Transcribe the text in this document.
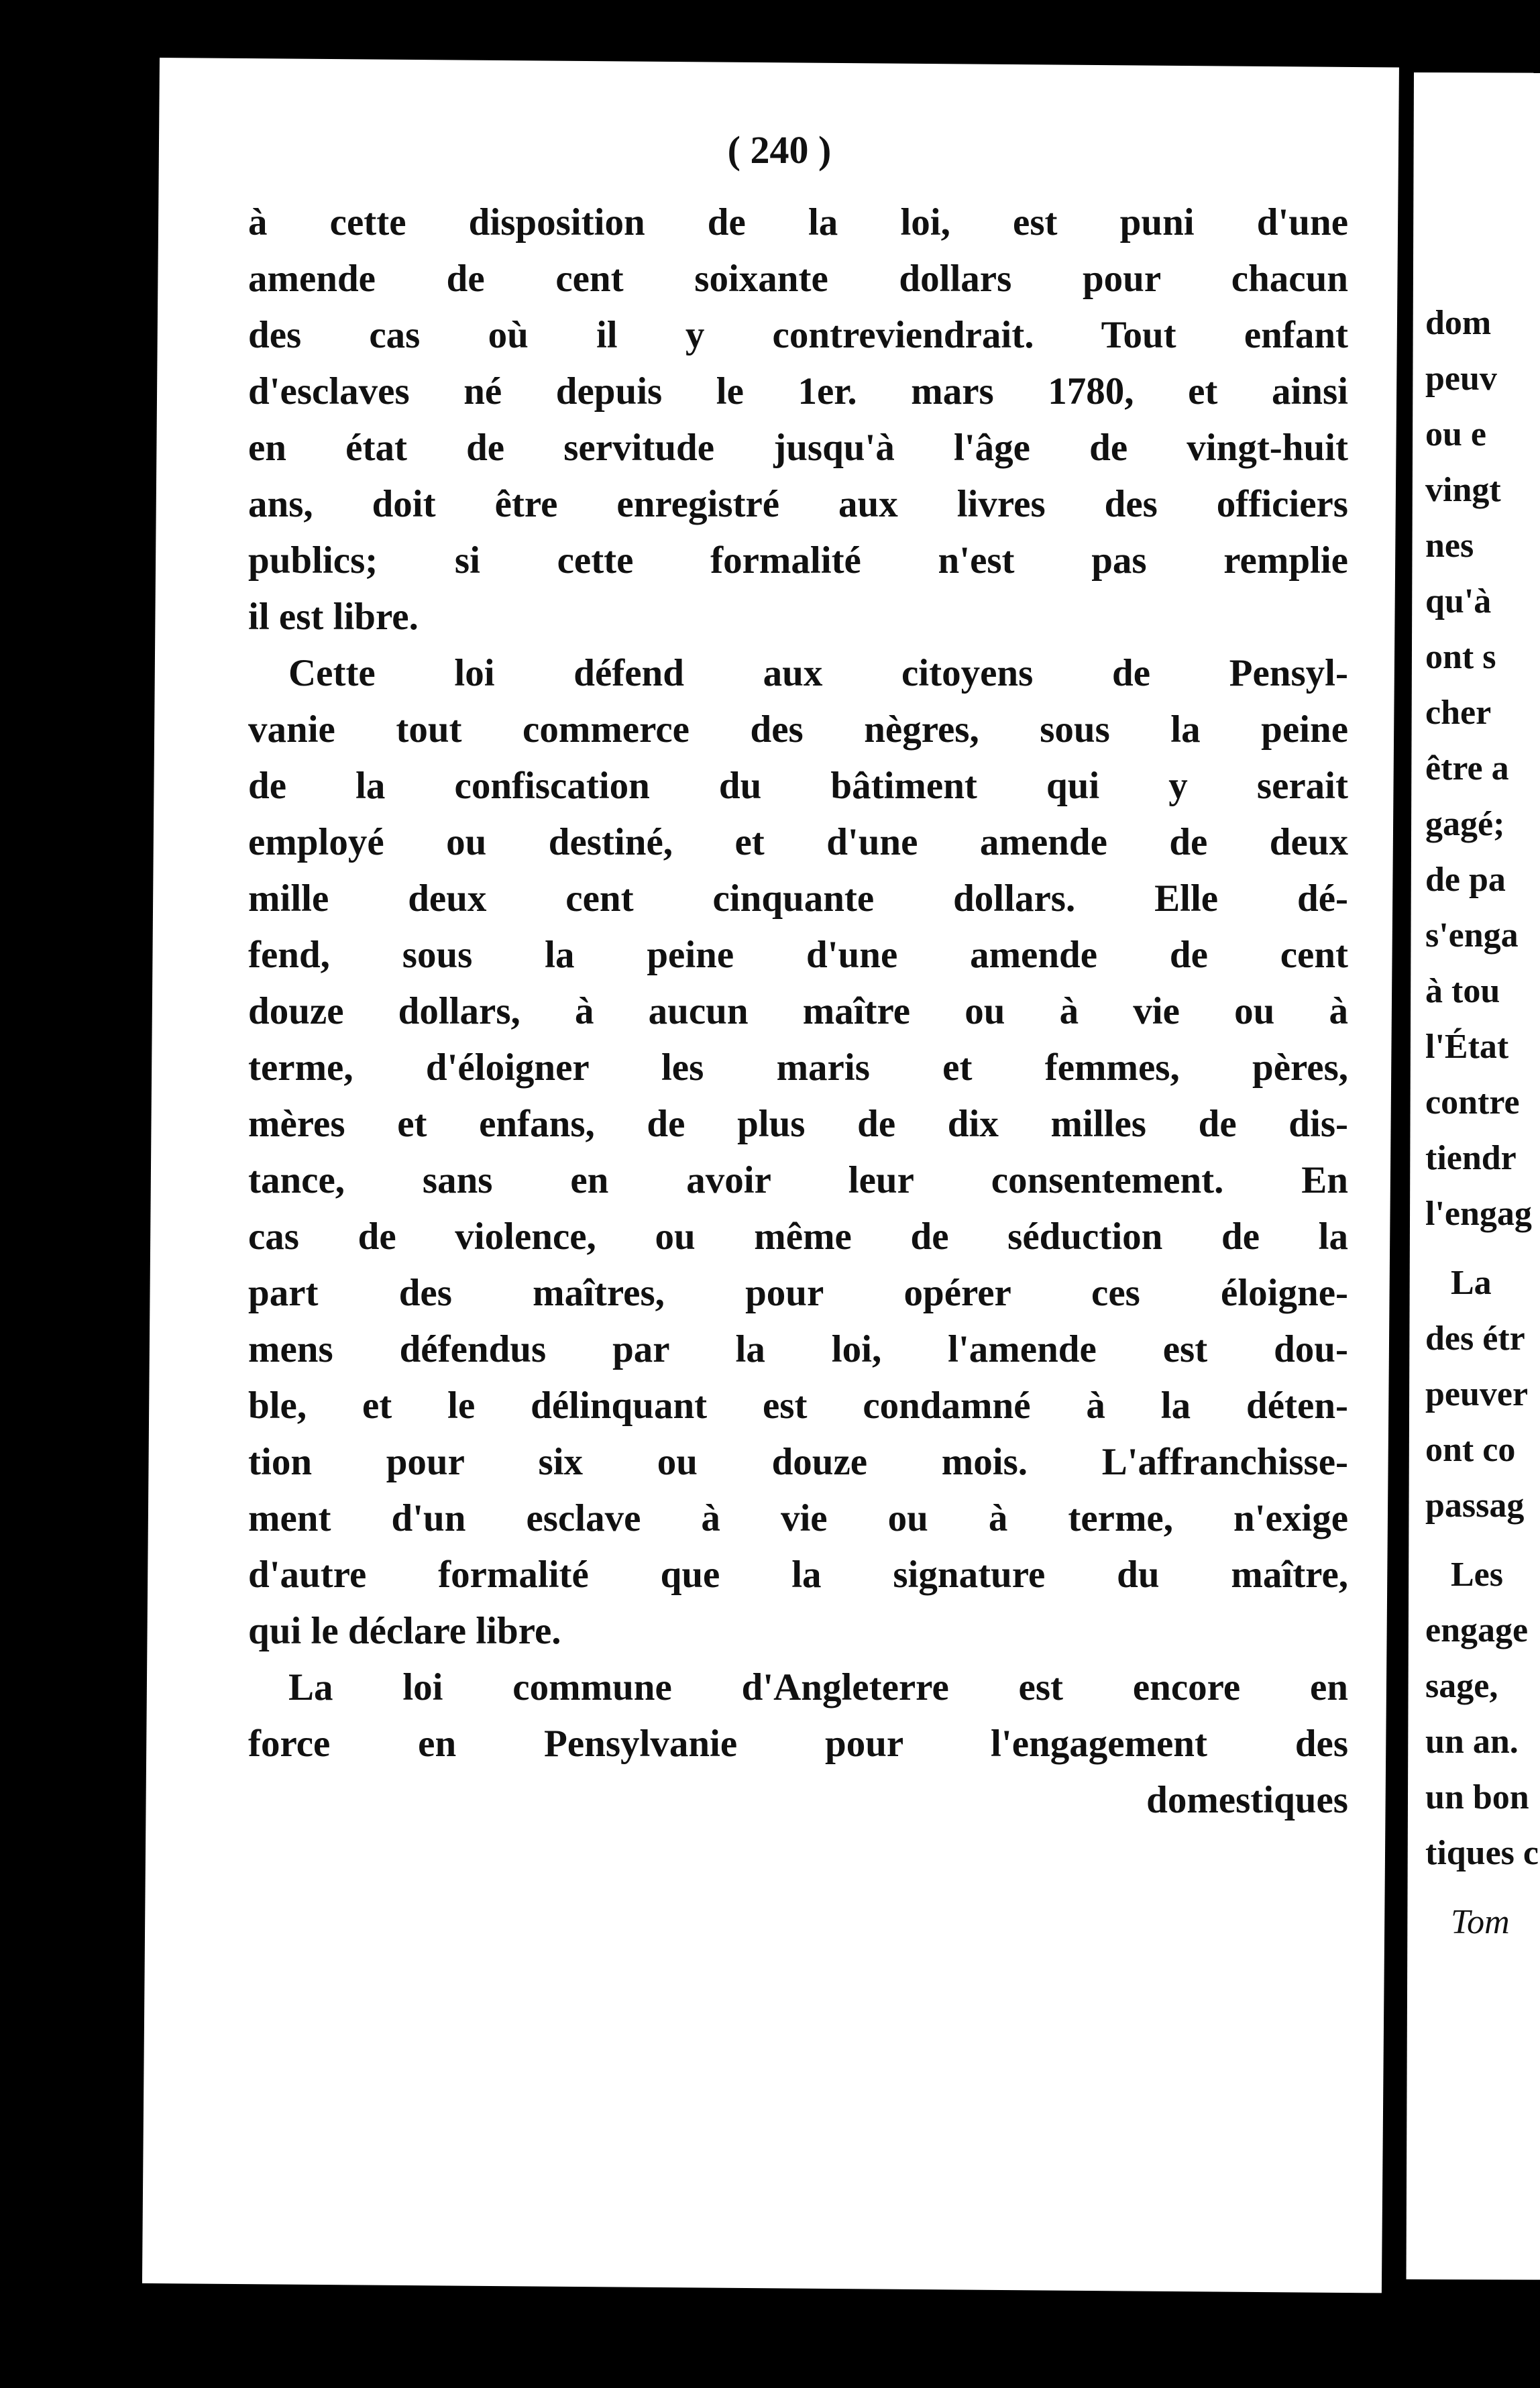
( 240 )
à cette disposition de la loi, est puni d'une
amende de cent soixante dollars pour chacun
des cas où il y contreviendrait. Tout enfant
d'esclaves né depuis le 1er. mars 1780, et ainsi
en état de servitude jusqu'à l'âge de vingt-huit
ans, doit être enregistré aux livres des officiers
publics; si cette formalité n'est pas remplie
il est libre.
Cette loi défend aux citoyens de Pensyl-
vanie tout commerce des nègres, sous la peine
de la confiscation du bâtiment qui y serait
employé ou destiné, et d'une amende de deux
mille deux cent cinquante dollars. Elle dé-
fend, sous la peine d'une amende de cent
douze dollars, à aucun maître ou à vie ou à
terme, d'éloigner les maris et femmes, pères,
mères et enfans, de plus de dix milles de dis-
tance, sans en avoir leur consentement. En
cas de violence, ou même de séduction de la
part des maîtres, pour opérer ces éloigne-
mens défendus par la loi, l'amende est dou-
ble, et le délinquant est condamné à la déten-
tion pour six ou douze mois. L'affranchisse-
ment d'un esclave à vie ou à terme, n'exige
d'autre formalité que la signature du maître,
qui le déclare libre.
La loi commune d'Angleterre est encore en
force en Pensylvanie pour l'engagement des
domestiques
dom
peuv
ou e
vingt
nes
qu'à
ont s
cher
être a
gagé;
de pa
s'enga
à tou
l'État
contre
tiendr
l'engag
La
des étr
peuver
ont co
passag
Les
engage
sage,
un an.
un bon
tiques c
Tom
